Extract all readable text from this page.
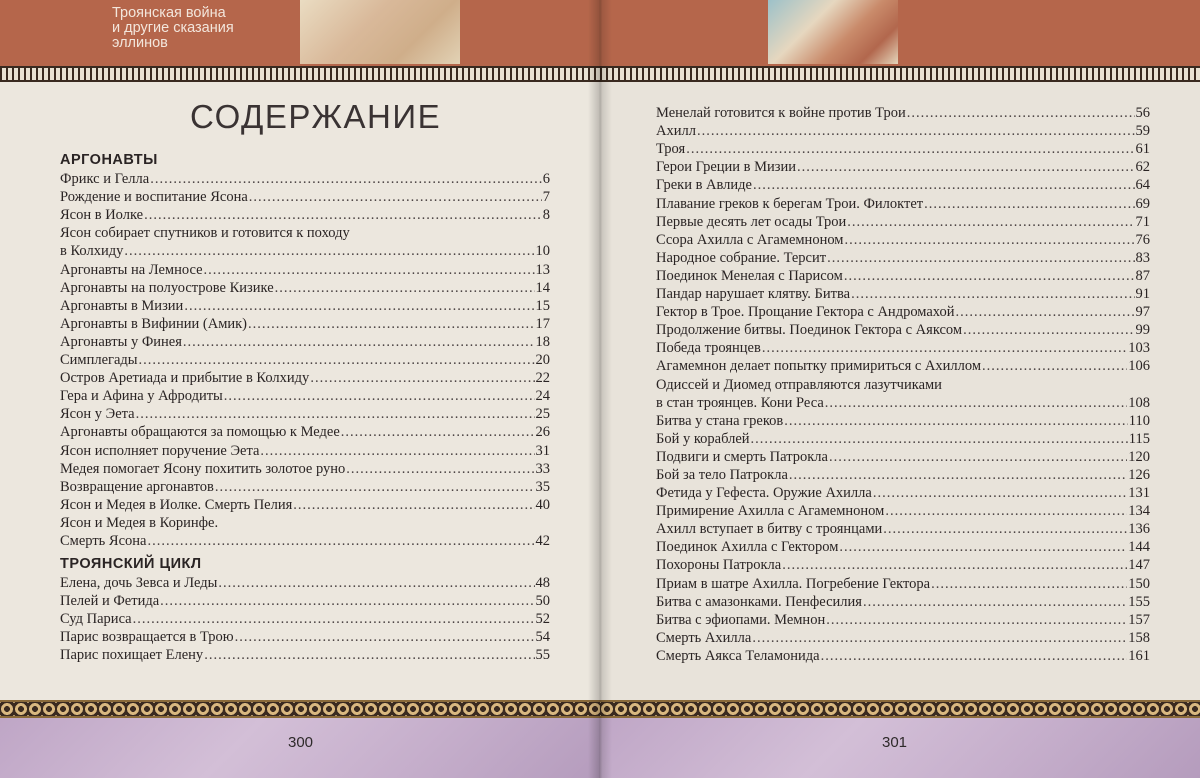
Троянская война
и другие сказания
эллинов
СОДЕРЖАНИЕ
АРГОНАВТЫ
Фрикс и Гелла .....	6
Рождение и воспитание Ясона .....	7
Ясон в Иолке .....	8
Ясон собирает спутников и готовится к походу
в Колхиду .....	10
Аргонавты на Лемносе .....	13
Аргонавты на полуострове Кизике .....	14
Аргонавты в Мизии .....	15
Аргонавты в Вифинии (Амик) .....	17
Аргонавты у Финея .....	18
Симплегады .....	20
Остров Аретиада и прибытие в Колхиду .....	22
Гера и Афина у Афродиты .....	24
Ясон у Эета .....	25
Аргонавты обращаются за помощью к Медее .....	26
Ясон исполняет поручение Эета .....	31
Медея помогает Ясону похитить золотое руно .....	33
Возвращение аргонавтов .....	35
Ясон и Медея в Иолке. Смерть Пелия .....	40
Ясон и Медея в Коринфе.
Смерть Ясона .....	42
ТРОЯНСКИЙ ЦИКЛ
Елена, дочь Зевса и Леды .....	48
Пелей и Фетида .....	50
Суд Париса .....	52
Парис возвращается в Трою .....	54
Парис похищает Елену .....	55
300
Менелай готовится к войне против Трои .....	56
Ахилл .....	59
Троя .....	61
Герои Греции в Мизии .....	62
Греки в Авлиде .....	64
Плавание греков к берегам Трои. Филоктет .....	69
Первые десять лет осады Трои .....	71
Ссора Ахилла с Агамемноном .....	76
Народное собрание. Терсит .....	83
Поединок Менелая с Парисом .....	87
Пандар нарушает клятву. Битва .....	91
Гектор в Трое. Прощание Гектора с Андромахой .....	97
Продолжение битвы. Поединок Гектора с Аяксом .....	99
Победа троянцев .....	103
Агамемнон делает попытку примириться с Ахиллом .....	106
Одиссей и Диомед отправляются лазутчиками
в стан троянцев. Кони Реса .....	108
Битва у стана греков .....	110
Бой у кораблей .....	115
Подвиги и смерть Патрокла .....	120
Бой за тело Патрокла .....	126
Фетида у Гефеста. Оружие Ахилла .....	131
Примирение Ахилла с Агамемноном .....	134
Ахилл вступает в битву с троянцами .....	136
Поединок Ахилла с Гектором .....	144
Похороны Патрокла .....	147
Приам в шатре Ахилла. Погребение Гектора .....	150
Битва с амазонками. Пенфесилия .....	155
Битва с эфиопами. Мемнон .....	157
Смерть Ахилла .....	158
Смерть Аякса Теламонида .....	161
301
